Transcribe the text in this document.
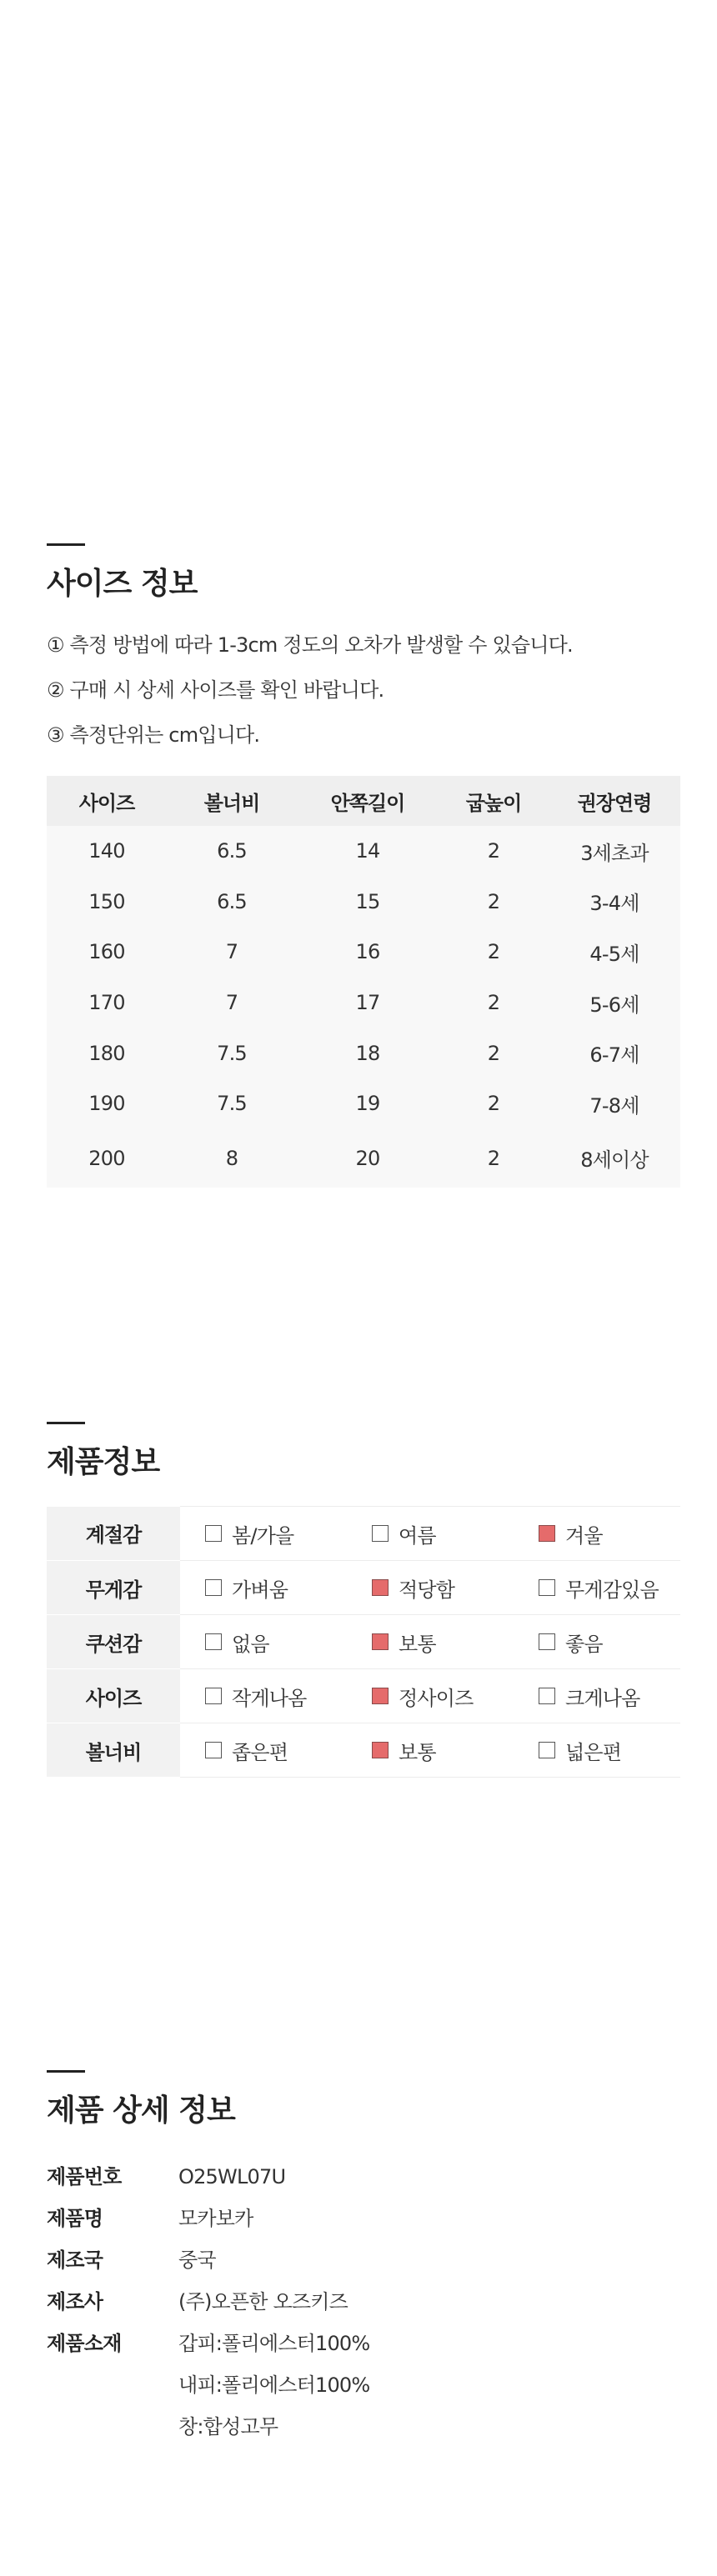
사이즈 정보

① 측정 방법에 따라 1-3cm 정도의 오차가 발생할 수 있습니다.

② 구매 시 상세 사이즈를 확인 바랍니다.

③ 측정단위는 cm입니다.

사이즈	볼너비	안쪽길이	굽높이	권장연령
140	6.5	14	2	3세초과
150	6.5	15	2	3-4세
160	7	16	2	4-5세
170	7	17	2	5-6세
180	7.5	18	2	6-7세
190	7.5	19	2	7-8세
200	8	20	2	8세이상
제품정보
계절감	봄/가을	여름	겨울

무게감	가벼움	적당함	무게감있음

쿠션감	없음	보통	좋음

사이즈	작게나옴	정사이즈	크게나옴

볼너비	좁은편	보통	넓은편
제품 상세 정보
제품번호	O25WL07U
제품명	모카보카
제조국	중국
제조사	(주)오픈한 오즈키즈
제품소재	갑피:폴리에스터100%
내피:폴리에스터100%
창:합성고무
